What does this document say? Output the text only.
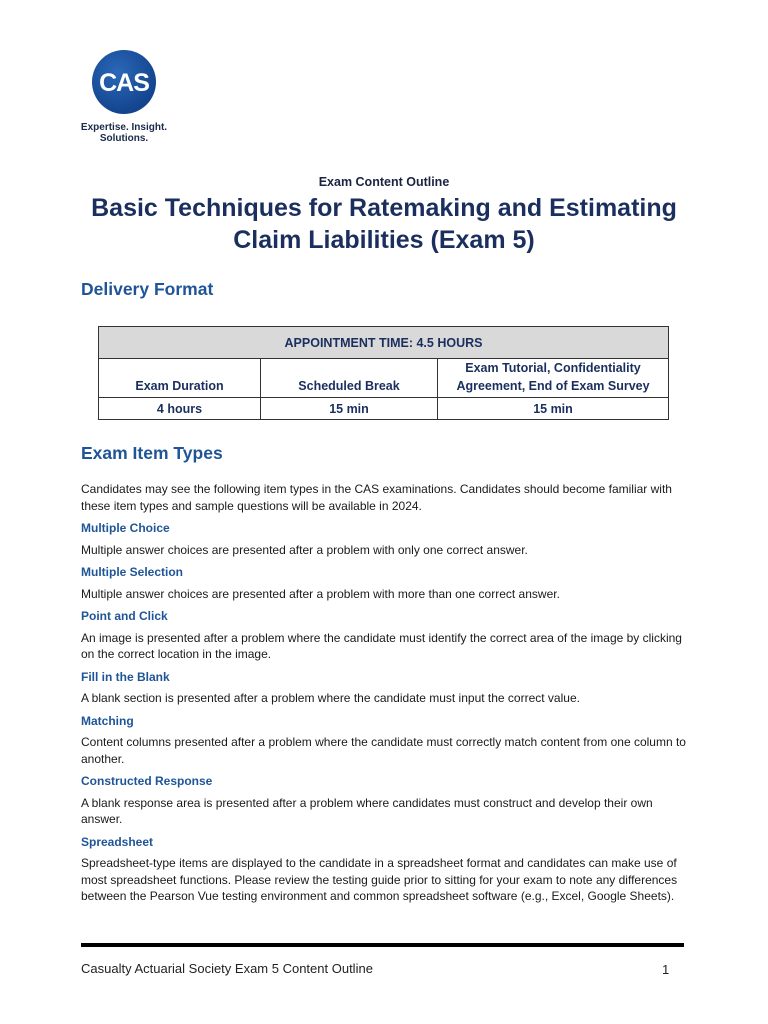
CAS
Expertise. Insight.
Solutions.
Exam Content Outline
Basic Techniques for Ratemaking and Estimating Claim Liabilities (Exam 5)
Delivery Format
APPOINTMENT TIME: 4.5 HOURS		
Exam Duration	Scheduled Break	Exam Tutorial, Confidentiality Agreement, End of Exam Survey
4 hours	15 min	15 min
Exam Item Types

Candidates may see the following item types in the CAS examinations. Candidates should become familiar with these item types and sample questions will be available in 2024.

Multiple Choice

Multiple answer choices are presented after a problem with only one correct answer.

Multiple Selection

Multiple answer choices are presented after a problem with more than one correct answer.

Point and Click

An image is presented after a problem where the candidate must identify the correct area of the image by clicking on the correct location in the image.

Fill in the Blank

A blank section is presented after a problem where the candidate must input the correct value.

Matching

Content columns presented after a problem where the candidate must correctly match content from one column to another.

Constructed Response

A blank response area is presented after a problem where candidates must construct and develop their own answer.

Spreadsheet

Spreadsheet-type items are displayed to the candidate in a spreadsheet format and candidates can make use of most spreadsheet functions. Please review the testing guide prior to sitting for your exam to note any differences between the Pearson Vue testing environment and common spreadsheet software (e.g., Excel, Google Sheets).

Casualty Actuarial Society Exam 5 Content Outline	1
